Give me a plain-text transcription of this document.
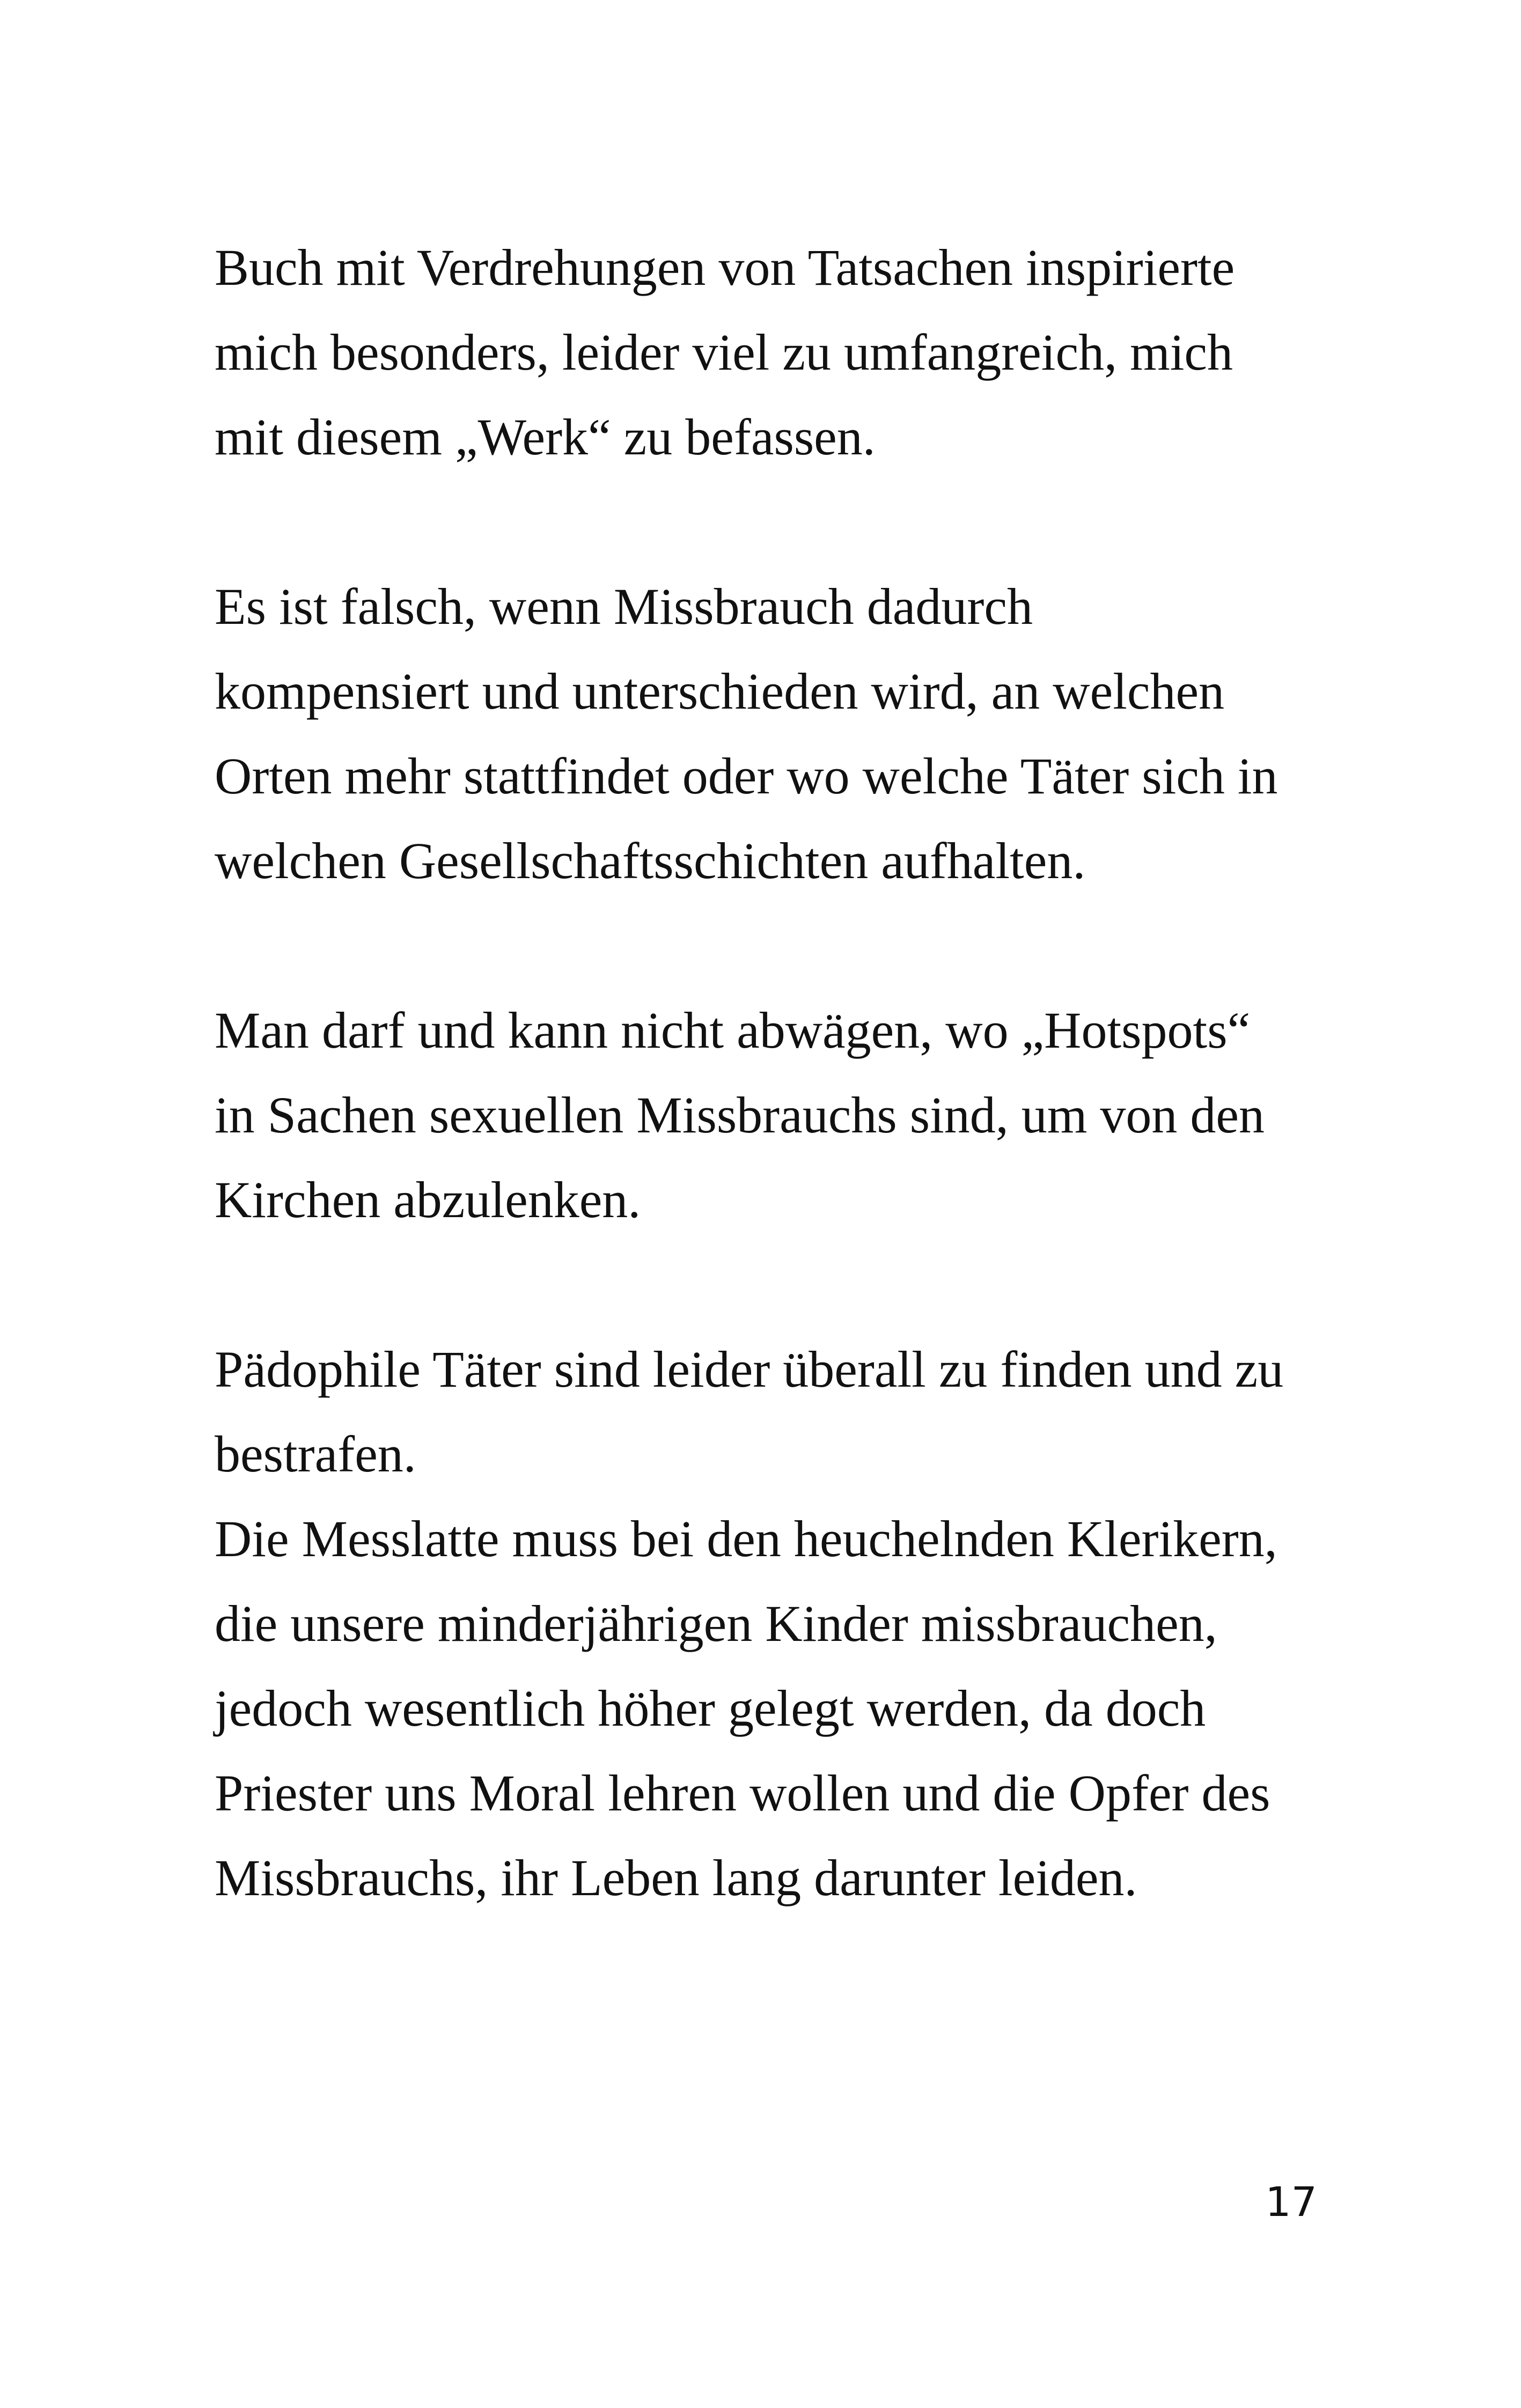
Buch mit Verdrehungen von Tatsachen inspirierte
mich besonders, leider viel zu umfangreich, mich
mit diesem „Werk“ zu befassen.

Es ist falsch, wenn Missbrauch dadurch
kompensiert und unterschieden wird, an welchen
Orten mehr stattfindet oder wo welche Täter sich in
welchen Gesellschaftsschichten aufhalten.

Man darf und kann nicht abwägen, wo „Hotspots“
in Sachen sexuellen Missbrauchs sind, um von den
Kirchen abzulenken.

Pädophile Täter sind leider überall zu finden und zu
bestrafen.
Die Messlatte muss bei den heuchelnden Klerikern,
die unsere minderjährigen Kinder missbrauchen,
jedoch wesentlich höher gelegt werden, da doch
Priester uns Moral lehren wollen und die Opfer des
Missbrauchs, ihr Leben lang darunter leiden.

17
